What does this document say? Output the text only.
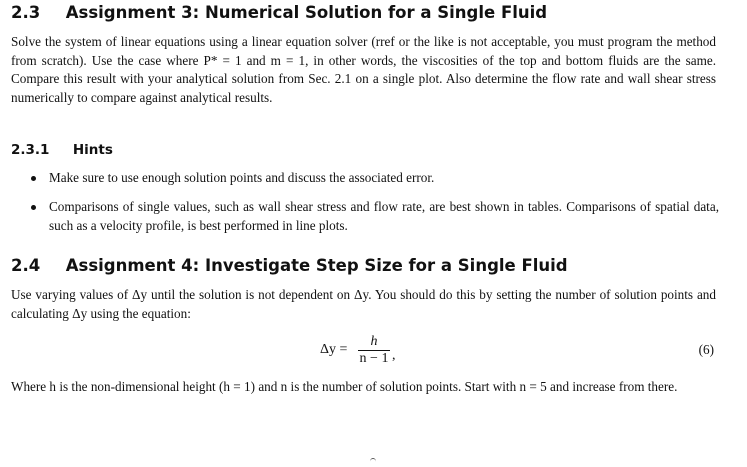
2.3 Assignment 3: Numerical Solution for a Single Fluid

Solve the system of linear equations using a linear equation solver (rref or the like is not acceptable, you must program the method from scratch). Use the case where P* = 1 and m = 1, in other words, the viscosities of the top and bottom fluids are the same. Compare this result with your analytical solution from Sec. 2.1 on a single plot. Also determine the flow rate and wall shear stress numerically to compare against analytical results.

2.3.1 Hints
Make sure to use enough solution points and discuss the associated error.
Comparisons of single values, such as wall shear stress and flow rate, are best shown in tables. Comparisons of spatial data, such as a velocity profile, is best performed in line plots.
2.4 Assignment 4: Investigate Step Size for a Single Fluid

Use varying values of Δy until the solution is not dependent on Δy. You should do this by setting the number of solution points and calculating Δy using the equation:

Δy =
h
n − 1 ,	(6)

Where h is the non-dimensional height (h = 1) and n is the number of solution points. Start with n = 5 and increase from there.
